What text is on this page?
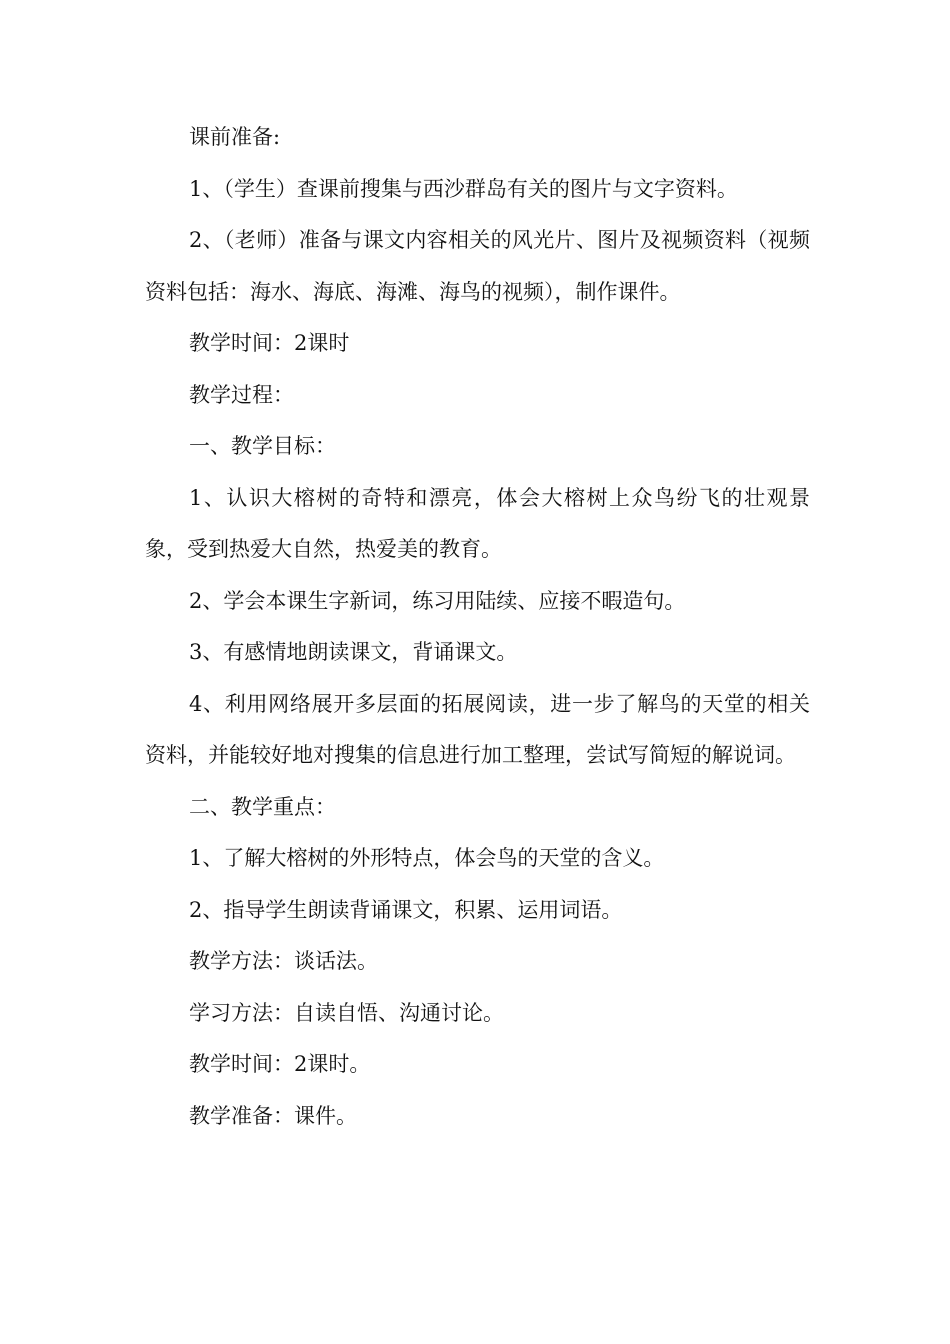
课前准备:

1、（学生）查课前搜集与西沙群岛有关的图片与文字资料。

2、（老师）准备与课文内容相关的风光片、图片及视频资料（视频资料包括：海水、海底、海滩、海鸟的视频），制作课件。

教学时间：2课时

教学过程：

一、教学目标：

1、认识大榕树的奇特和漂亮，体会大榕树上众鸟纷飞的壮观景象，受到热爱大自然，热爱美的教育。

2、学会本课生字新词，练习用陆续、应接不暇造句。

3、有感情地朗读课文，背诵课文。

4、利用网络展开多层面的拓展阅读，进一步了解鸟的天堂的相关资料，并能较好地对搜集的信息进行加工整理，尝试写简短的解说词。

二、教学重点：

1、了解大榕树的外形特点，体会鸟的天堂的含义。

2、指导学生朗读背诵课文，积累、运用词语。

教学方法：谈话法。

学习方法：自读自悟、沟通讨论。

教学时间：2课时。

教学准备：课件。
